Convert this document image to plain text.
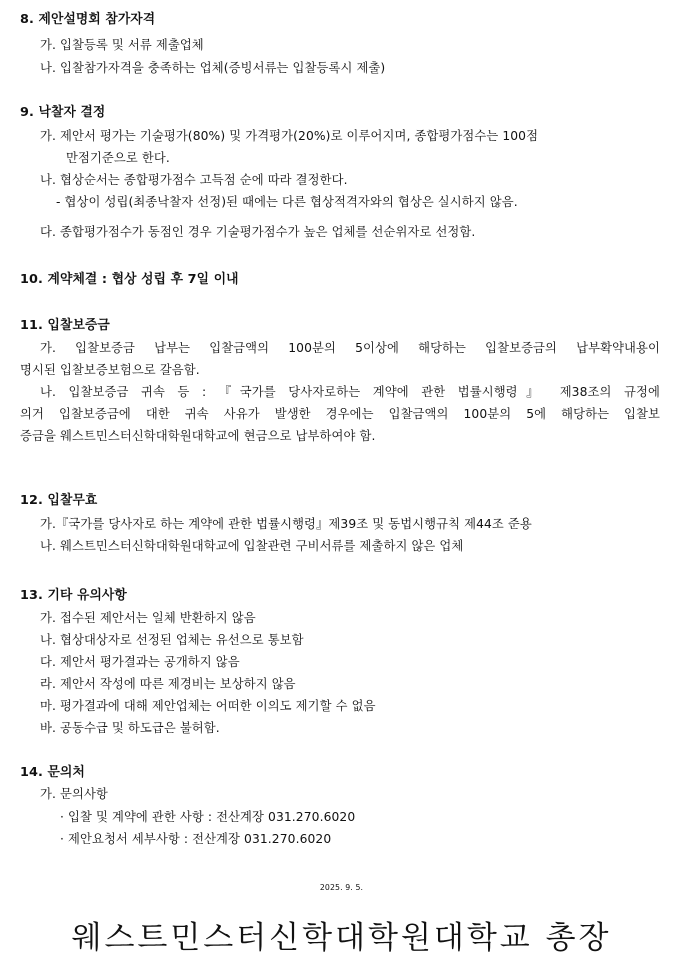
8. 제안설명회 참가자격
가. 입찰등록 및 서류 제출업체
나. 입찰참가자격을 충족하는 업체(증빙서류는 입찰등록시 제출)
9. 낙찰자 결정
가. 제안서 평가는 기술평가(80%) 및 가격평가(20%)로 이루어지며, 종합평가점수는 100점
만점기준으로 한다.
나. 협상순서는 종합평가점수 고득점 순에 따라 결정한다.
- 협상이 성립(최종낙찰자 선정)된 때에는 다른 협상적격자와의 협상은 실시하지 않음.
다. 종합평가점수가 동점인 경우 기술평가점수가 높은 업체를 선순위자로 선정함.
10. 계약체결 : 협상 성립 후 7일 이내
11. 입찰보증금
가. 입찰보증금 납부는 입찰금액의 100분의 5이상에 해당하는 입찰보증금의 납부확약내용이
명시된 입찰보증보험으로 갈음함.
나. 입찰보증금 귀속 등 : 『국가를 당사자로하는 계약에 관한 법률시행령』 제38조의 규정에
의거 입찰보증금에 대한 귀속 사유가 발생한 경우에는 입찰금액의 100분의 5에 해당하는 입찰보
증금을 웨스트민스터신학대학원대학교에 현금으로 납부하여야 함.
12. 입찰무효
가.『국가를 당사자로 하는 계약에 관한 법률시행령』제39조 및 동법시행규칙 제44조 준용
나. 웨스트민스터신학대학원대학교에 입찰관련 구비서류를 제출하지 않은 업체
13. 기타 유의사항
가. 접수된 제안서는 일체 반환하지 않음
나. 협상대상자로 선정된 업체는 유선으로 통보함
다. 제안서 평가결과는 공개하지 않음
라. 제안서 작성에 따른 제경비는 보상하지 않음
마. 평가결과에 대해 제안업체는 어떠한 이의도 제기할 수 없음
바. 공동수급 및 하도급은 불허함.
14. 문의처
가. 문의사항
· 입찰 및 계약에 관한 사항 : 전산계장 031.270.6020
· 제안요청서 세부사항 : 전산계장 031.270.6020
2025. 9. 5.
웨스트민스터신학대학원대학교 총장
